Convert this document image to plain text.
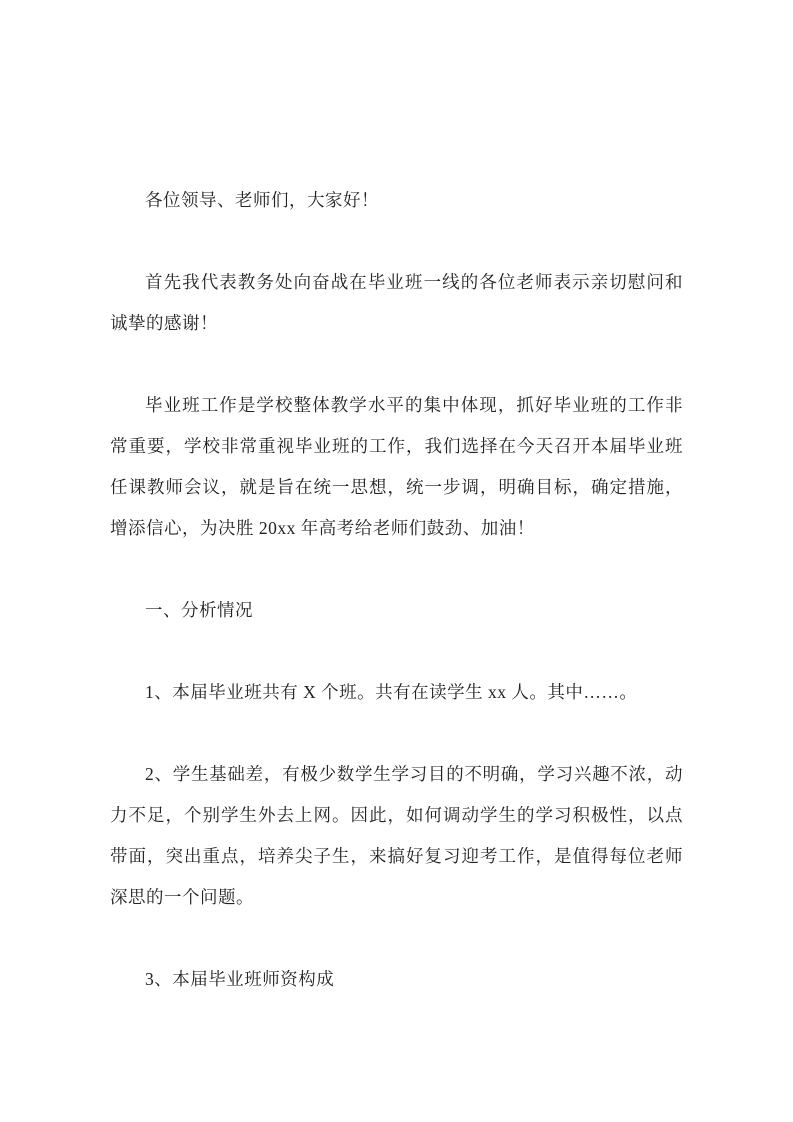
各位领导、老师们，大家好！

首先我代表教务处向奋战在毕业班一线的各位老师表示亲切慰问和诚挚的感谢！

毕业班工作是学校整体教学水平的集中体现，抓好毕业班的工作非常重要，学校非常重视毕业班的工作，我们选择在今天召开本届毕业班任课教师会议，就是旨在统一思想，统一步调，明确目标，确定措施，增添信心，为决胜 20xx 年高考给老师们鼓劲、加油！

一、分析情况

1、本届毕业班共有 X 个班。共有在读学生 xx 人。其中……。

2、学生基础差，有极少数学生学习目的不明确，学习兴趣不浓，动力不足，个别学生外去上网。因此，如何调动学生的学习积极性，以点带面，突出重点，培养尖子生，来搞好复习迎考工作，是值得每位老师深思的一个问题。

3、本届毕业班师资构成
